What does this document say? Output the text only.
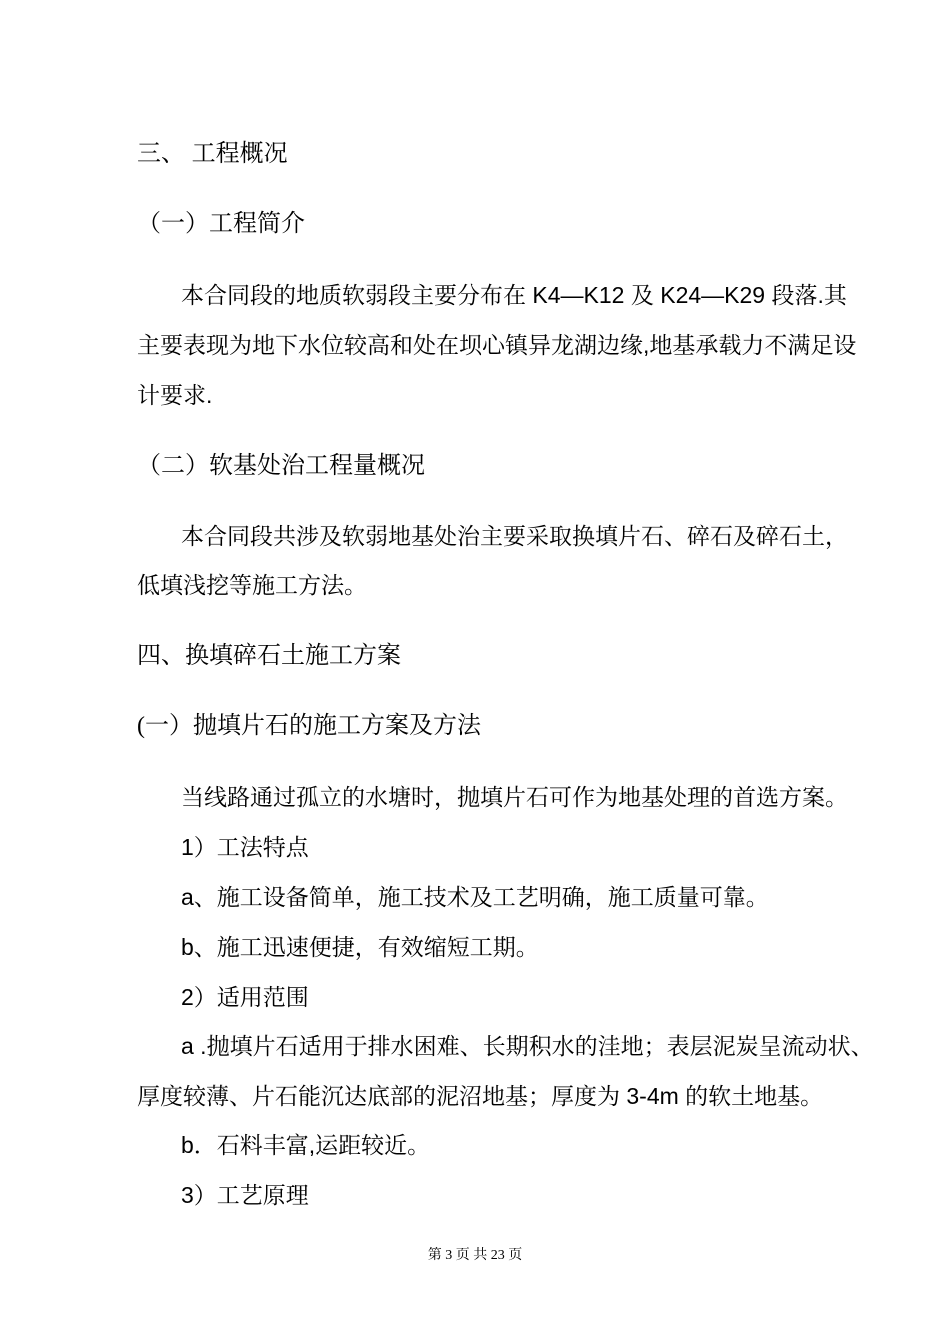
三、 工程概况
（一）工程简介
本合同段的地质软弱段主要分布在 K4—K12 及 K24—K29 段落.其
主要表现为地下水位较高和处在坝心镇异龙湖边缘,地基承载力不满足设
计要求.
（二）软基处治工程量概况
本合同段共涉及软弱地基处治主要采取换填片石、碎石及碎石土，
低填浅挖等施工方法。
四、换填碎石土施工方案
(一）抛填片石的施工方案及方法
当线路通过孤立的水塘时，抛填片石可作为地基处理的首选方案。
1）工法特点
a、施工设备简单，施工技术及工艺明确，施工质量可靠。
b、施工迅速便捷，有效缩短工期。
2）适用范围
a .抛填片石适用于排水困难、长期积水的洼地；表层泥炭呈流动状、
厚度较薄、片石能沉达底部的泥沼地基；厚度为 3-4m 的软土地基。
b．石料丰富,运距较近。
3）工艺原理
第 3 页 共 23 页
